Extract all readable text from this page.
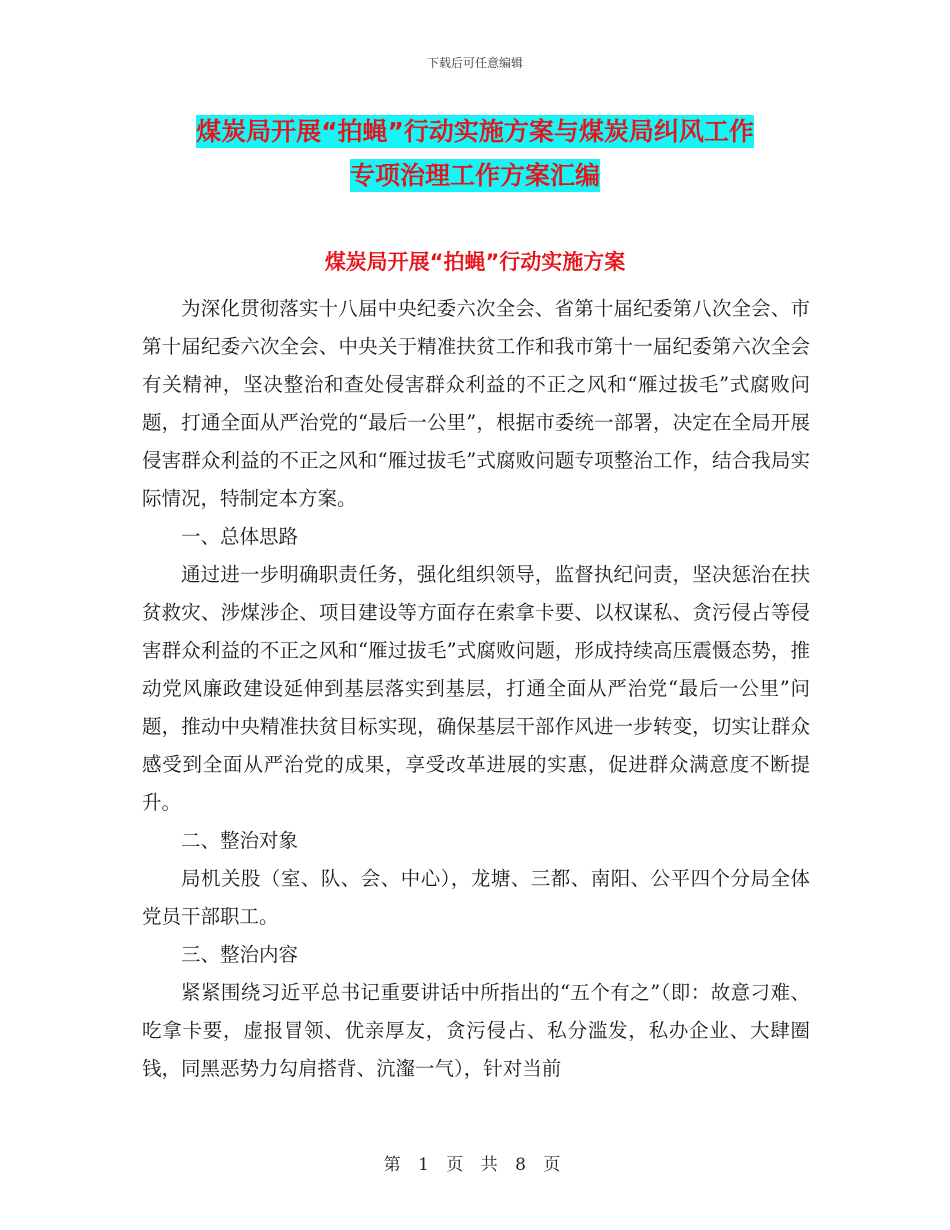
下载后可任意编辑
煤炭局开展“拍蝇”行动实施方案与煤炭局纠风工作
专项治理工作方案汇编
煤炭局开展“拍蝇”行动实施方案

为深化贯彻落实十八届中央纪委六次全会、省第十届纪委第八次全会、市第十届纪委六次全会、中央关于精准扶贫工作和我市第十一届纪委第六次全会有关精神，坚决整治和查处侵害群众利益的不正之风和“雁过拔毛”式腐败问题，打通全面从严治党的“最后一公里”，根据市委统一部署，决定在全局开展侵害群众利益的不正之风和“雁过拔毛”式腐败问题专项整治工作，结合我局实际情况，特制定本方案。

一、总体思路

通过进一步明确职责任务，强化组织领导，监督执纪问责，坚决惩治在扶贫救灾、涉煤涉企、项目建设等方面存在索拿卡要、以权谋私、贪污侵占等侵害群众利益的不正之风和“雁过拔毛”式腐败问题，形成持续高压震慑态势，推动党风廉政建设延伸到基层落实到基层，打通全面从严治党“最后一公里”问题，推动中央精准扶贫目标实现，确保基层干部作风进一步转变，切实让群众感受到全面从严治党的成果，享受改革进展的实惠，促进群众满意度不断提升。

二、整治对象

局机关股（室、队、会、中心），龙塘、三都、南阳、公平四个分局全体党员干部职工。

三、整治内容

紧紧围绕习近平总书记重要讲话中所指出的“五个有之”（即：故意刁难、吃拿卡要，虚报冒领、优亲厚友，贪污侵占、私分滥发，私办企业、大肆圈钱，同黑恶势力勾肩搭背、沆瀣一气），针对当前

第 1 页 共 8 页
